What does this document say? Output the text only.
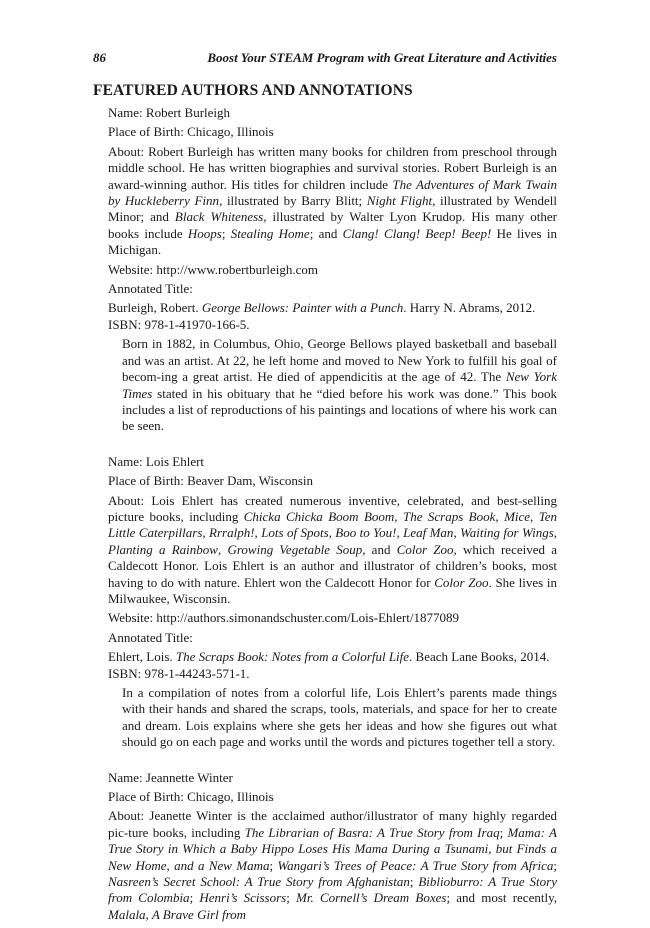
86	Boost Your STEAM Program with Great Literature and Activities
FEATURED AUTHORS AND ANNOTATIONS

Name: Robert Burleigh

Place of Birth: Chicago, Illinois

About: Robert Burleigh has written many books for children from preschool through middle school. He has written biographies and survival stories. Robert Burleigh is an award-winning author. His titles for children include The Adventures of Mark Twain by Huckleberry Finn, illustrated by Barry Blitt; Night Flight, illustrated by Wendell Minor; and Black Whiteness, illustrated by Walter Lyon Krudop. His many other books include Hoops; Stealing Home; and Clang! Clang! Beep! Beep! He lives in Michigan.

Website: http://www.robertburleigh.com

Annotated Title:

Burleigh, Robert. George Bellows: Painter with a Punch. Harry N. Abrams, 2012. ISBN: 978-1-41970-166-5.

Born in 1882, in Columbus, Ohio, George Bellows played basketball and baseball and was an artist. At 22, he left home and moved to New York to fulfill his goal of becom-ing a great artist. He died of appendicitis at the age of 42. The New York Times stated in his obituary that he “died before his work was done.” This book includes a list of reproductions of his paintings and locations of where his work can be seen.

Name: Lois Ehlert

Place of Birth: Beaver Dam, Wisconsin

About: Lois Ehlert has created numerous inventive, celebrated, and best-selling picture books, including Chicka Chicka Boom Boom, The Scraps Book, Mice, Ten Little Caterpillars, Rrralph!, Lots of Spots, Boo to You!, Leaf Man, Waiting for Wings, Planting a Rainbow, Growing Vegetable Soup, and Color Zoo, which received a Caldecott Honor. Lois Ehlert is an author and illustrator of children’s books, most having to do with nature. Ehlert won the Caldecott Honor for Color Zoo. She lives in Milwaukee, Wisconsin.

Website: http://authors.simonandschuster.com/Lois-Ehlert/1877089

Annotated Title:

Ehlert, Lois. The Scraps Book: Notes from a Colorful Life. Beach Lane Books, 2014. ISBN: 978-1-44243-571-1.

In a compilation of notes from a colorful life, Lois Ehlert’s parents made things with their hands and shared the scraps, tools, materials, and space for her to create and dream. Lois explains where she gets her ideas and how she figures out what should go on each page and works until the words and pictures together tell a story.

Name: Jeannette Winter

Place of Birth: Chicago, Illinois

About: Jeanette Winter is the acclaimed author/illustrator of many highly regarded pic-ture books, including The Librarian of Basra: A True Story from Iraq; Mama: A True Story in Which a Baby Hippo Loses His Mama During a Tsunami, but Finds a New Home, and a New Mama; Wangari’s Trees of Peace: A True Story from Africa; Nasreen’s Secret School: A True Story from Afghanistan; Biblioburro: A True Story from Colombia; Henri’s Scissors; Mr. Cornell’s Dream Boxes; and most recently, Malala, A Brave Girl from
